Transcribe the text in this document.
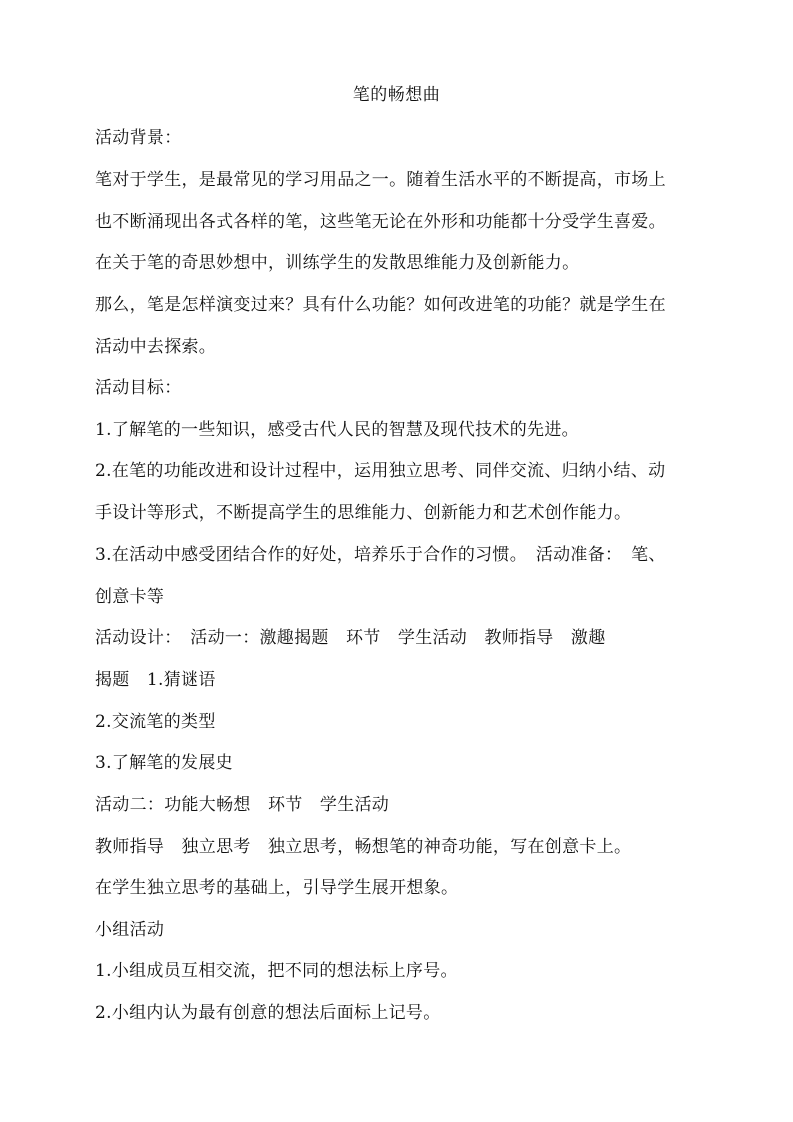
笔的畅想曲
活动背景：
笔对于学生，是最常见的学习用品之一。随着生活水平的不断提高，市场上
也不断涌现出各式各样的笔，这些笔无论在外形和功能都十分受学生喜爱。
在关于笔的奇思妙想中，训练学生的发散思维能力及创新能力。
那么，笔是怎样演变过来？具有什么功能？如何改进笔的功能？就是学生在
活动中去探索。
活动目标：
1.了解笔的一些知识，感受古代人民的智慧及现代技术的先进。
2.在笔的功能改进和设计过程中，运用独立思考、同伴交流、归纳小结、动
手设计等形式，不断提高学生的思维能力、创新能力和艺术创作能力。
3.在活动中感受团结合作的好处，培养乐于合作的习惯。　活动准备：　笔、
创意卡等
活动设计：　活动一：激趣揭题　环节　学生活动　教师指导　激趣
揭题　1.猜谜语
2.交流笔的类型
3.了解笔的发展史
活动二：功能大畅想　环节　学生活动
教师指导　独立思考　独立思考，畅想笔的神奇功能，写在创意卡上。
在学生独立思考的基础上，引导学生展开想象。
小组活动
1.小组成员互相交流，把不同的想法标上序号。
2.小组内认为最有创意的想法后面标上记号。
